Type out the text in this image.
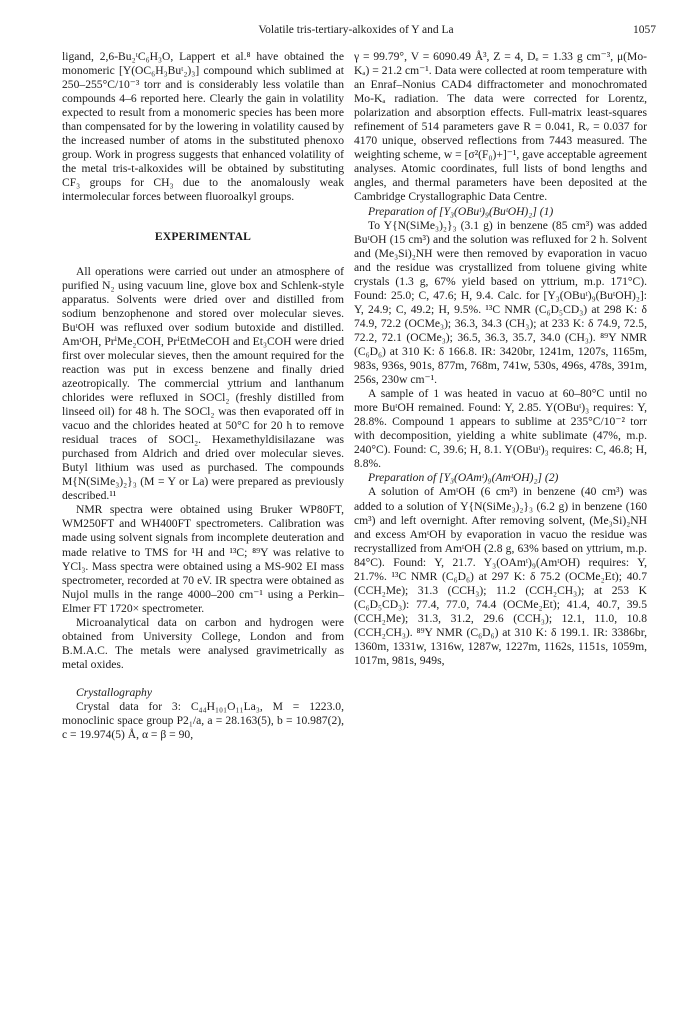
Volatile tris-tertiary-alkoxides of Y and La	1057

ligand, 2,6-Bu₂ᵗC₆H₃O, Lappert et al.⁸ have obtained the monomeric [Y(OC₆H₃Buᵗ₂)₃] compound which sublimed at 250–255°C/10⁻³ torr and is considerably less volatile than compounds 4–6 reported here. Clearly the gain in volatility expected to result from a monomeric species has been more than compensated for by the lowering in volatility caused by the increased number of atoms in the substituted phenoxo group. Work in progress suggests that enhanced volatility of the metal tris-t-alkoxides will be obtained by substituting CF₃ groups for CH₃ due to the anomalously weak intermolecular forces between fluoroalkyl groups.

EXPERIMENTAL

All operations were carried out under an atmosphere of purified N₂ using vacuum line, glove box and Schlenk-style apparatus. Solvents were dried over and distilled from sodium benzophenone and stored over molecular sieves. BuᵗOH was refluxed over sodium butoxide and distilled. AmᵗOH, PrⁱMe₂COH, PrⁱEtMeCOH and Et₃COH were dried first over molecular sieves, then the amount required for the reaction was put in excess benzene and finally dried azeotropically. The commercial yttrium and lanthanum chlorides were refluxed in SOCl₂ (freshly distilled from linseed oil) for 48 h. The SOCl₂ was then evaporated off in vacuo and the chlorides heated at 50°C for 20 h to remove residual traces of SOCl₂. Hexamethyldisilazane was purchased from Aldrich and dried over molecular sieves. Butyl lithium was used as purchased. The compounds M{N(SiMe₃)₂}₃ (M = Y or La) were prepared as previously described.¹¹

NMR spectra were obtained using Bruker WP80FT, WM250FT and WH400FT spectrometers. Calibration was made using solvent signals from incomplete deuteration and made relative to TMS for ¹H and ¹³C; ⁸⁹Y was relative to YCl₃. Mass spectra were obtained using a MS-902 EI mass spectrometer, recorded at 70 eV. IR spectra were obtained as Nujol mulls in the range 4000–200 cm⁻¹ using a Perkin–Elmer FT 1720× spectrometer.

Microanalytical data on carbon and hydrogen were obtained from University College, London and from B.M.A.C. The metals were analysed gravimetrically as metal oxides.

Crystallography

Crystal data for 3: C₄₄H₁₀₁O₁₁La₃, M = 1223.0, monoclinic space group P2₁/a, a = 28.163(5), b = 10.987(2), c = 19.974(5) Å, α = β = 90,

γ = 99.79°, V = 6090.49 Å³, Z = 4, Dₑ = 1.33 g cm⁻³, μ(Mo-Kₐ) = 21.2 cm⁻¹. Data were collected at room temperature with an Enraf–Nonius CAD4 diffractometer and monochromated Mo-Kₐ radiation. The data were corrected for Lorentz, polarization and absorption effects. Full-matrix least-squares refinement of 514 parameters gave R = 0.041, Rᵥ = 0.037 for 4170 unique, observed reflections from 7443 measured. The weighting scheme, w = [σ²(F₀)+]⁻¹, gave acceptable agreement analyses. Atomic coordinates, full lists of bond lengths and angles, and thermal parameters have been deposited at the Cambridge Crystallographic Data Centre.

Preparation of [Y₃(OBuᵗ)₉(BuᵗOH)₂] (1)

To Y{N(SiMe₃)₂}₃ (3.1 g) in benzene (85 cm³) was added BuᵗOH (15 cm³) and the solution was refluxed for 2 h. Solvent and (Me₃Si)₂NH were then removed by evaporation in vacuo and the residue was crystallized from toluene giving white crystals (1.3 g, 67% yield based on yttrium, m.p. 171°C). Found: 25.0; C, 47.6; H, 9.4. Calc. for [Y₃(OBuᵗ)₉(BuᵗOH)₂]: Y, 24.9; C, 49.2; H, 9.5%. ¹³C NMR (C₆D₅CD₃) at 298 K: δ 74.9, 72.2 (OCMe₃); 36.3, 34.3 (CH₃); at 233 K: δ 74.9, 72.5, 72.2, 72.1 (OCMe₃); 36.5, 36.3, 35.7, 34.0 (CH₃). ⁸⁹Y NMR (C₆D₆) at 310 K: δ 166.8. IR: 3420br, 1241m, 1207s, 1165m, 983s, 936s, 901s, 877m, 768m, 741w, 530s, 496s, 478s, 391m, 256s, 230w cm⁻¹.

A sample of 1 was heated in vacuo at 60–80°C until no more BuᵗOH remained. Found: Y, 2.85. Y(OBuᵗ)₃ requires: Y, 28.8%. Compound 1 appears to sublime at 235°C/10⁻² torr with decomposition, yielding a white sublimate (47%, m.p. 240°C). Found: C, 39.6; H, 8.1. Y(OBuᵗ)₃ requires: C, 46.8; H, 8.8%.

Preparation of [Y₃(OAmᵗ)₉(AmᵗOH)₂] (2)

A solution of AmᵗOH (6 cm³) in benzene (40 cm³) was added to a solution of Y{N(SiMe₃)₂}₃ (6.2 g) in benzene (160 cm³) and left overnight. After removing solvent, (Me₃Si)₂NH and excess AmᵗOH by evaporation in vacuo the residue was recrystallized from AmᵗOH (2.8 g, 63% based on yttrium, m.p. 84°C). Found: Y, 21.7. Y₃(OAmᵗ)₉(AmᵗOH) requires: Y, 21.7%. ¹³C NMR (C₆D₆) at 297 K: δ 75.2 (OCMe₂Et); 40.7 (CCH₂Me); 31.3 (CCH₃); 11.2 (CCH₂CH₃); at 253 K (C₆D₅CD₃): 77.4, 77.0, 74.4 (OCMe₂Et); 41.4, 40.7, 39.5 (CCH₂Me); 31.3, 31.2, 29.6 (CCH₃); 12.1, 11.0, 10.8 (CCH₂CH₃). ⁸⁹Y NMR (C₆D₆) at 310 K: δ 199.1. IR: 3386br, 1360m, 1331w, 1316w, 1287w, 1227m, 1162s, 1151s, 1059m, 1017m, 981s, 949s,
